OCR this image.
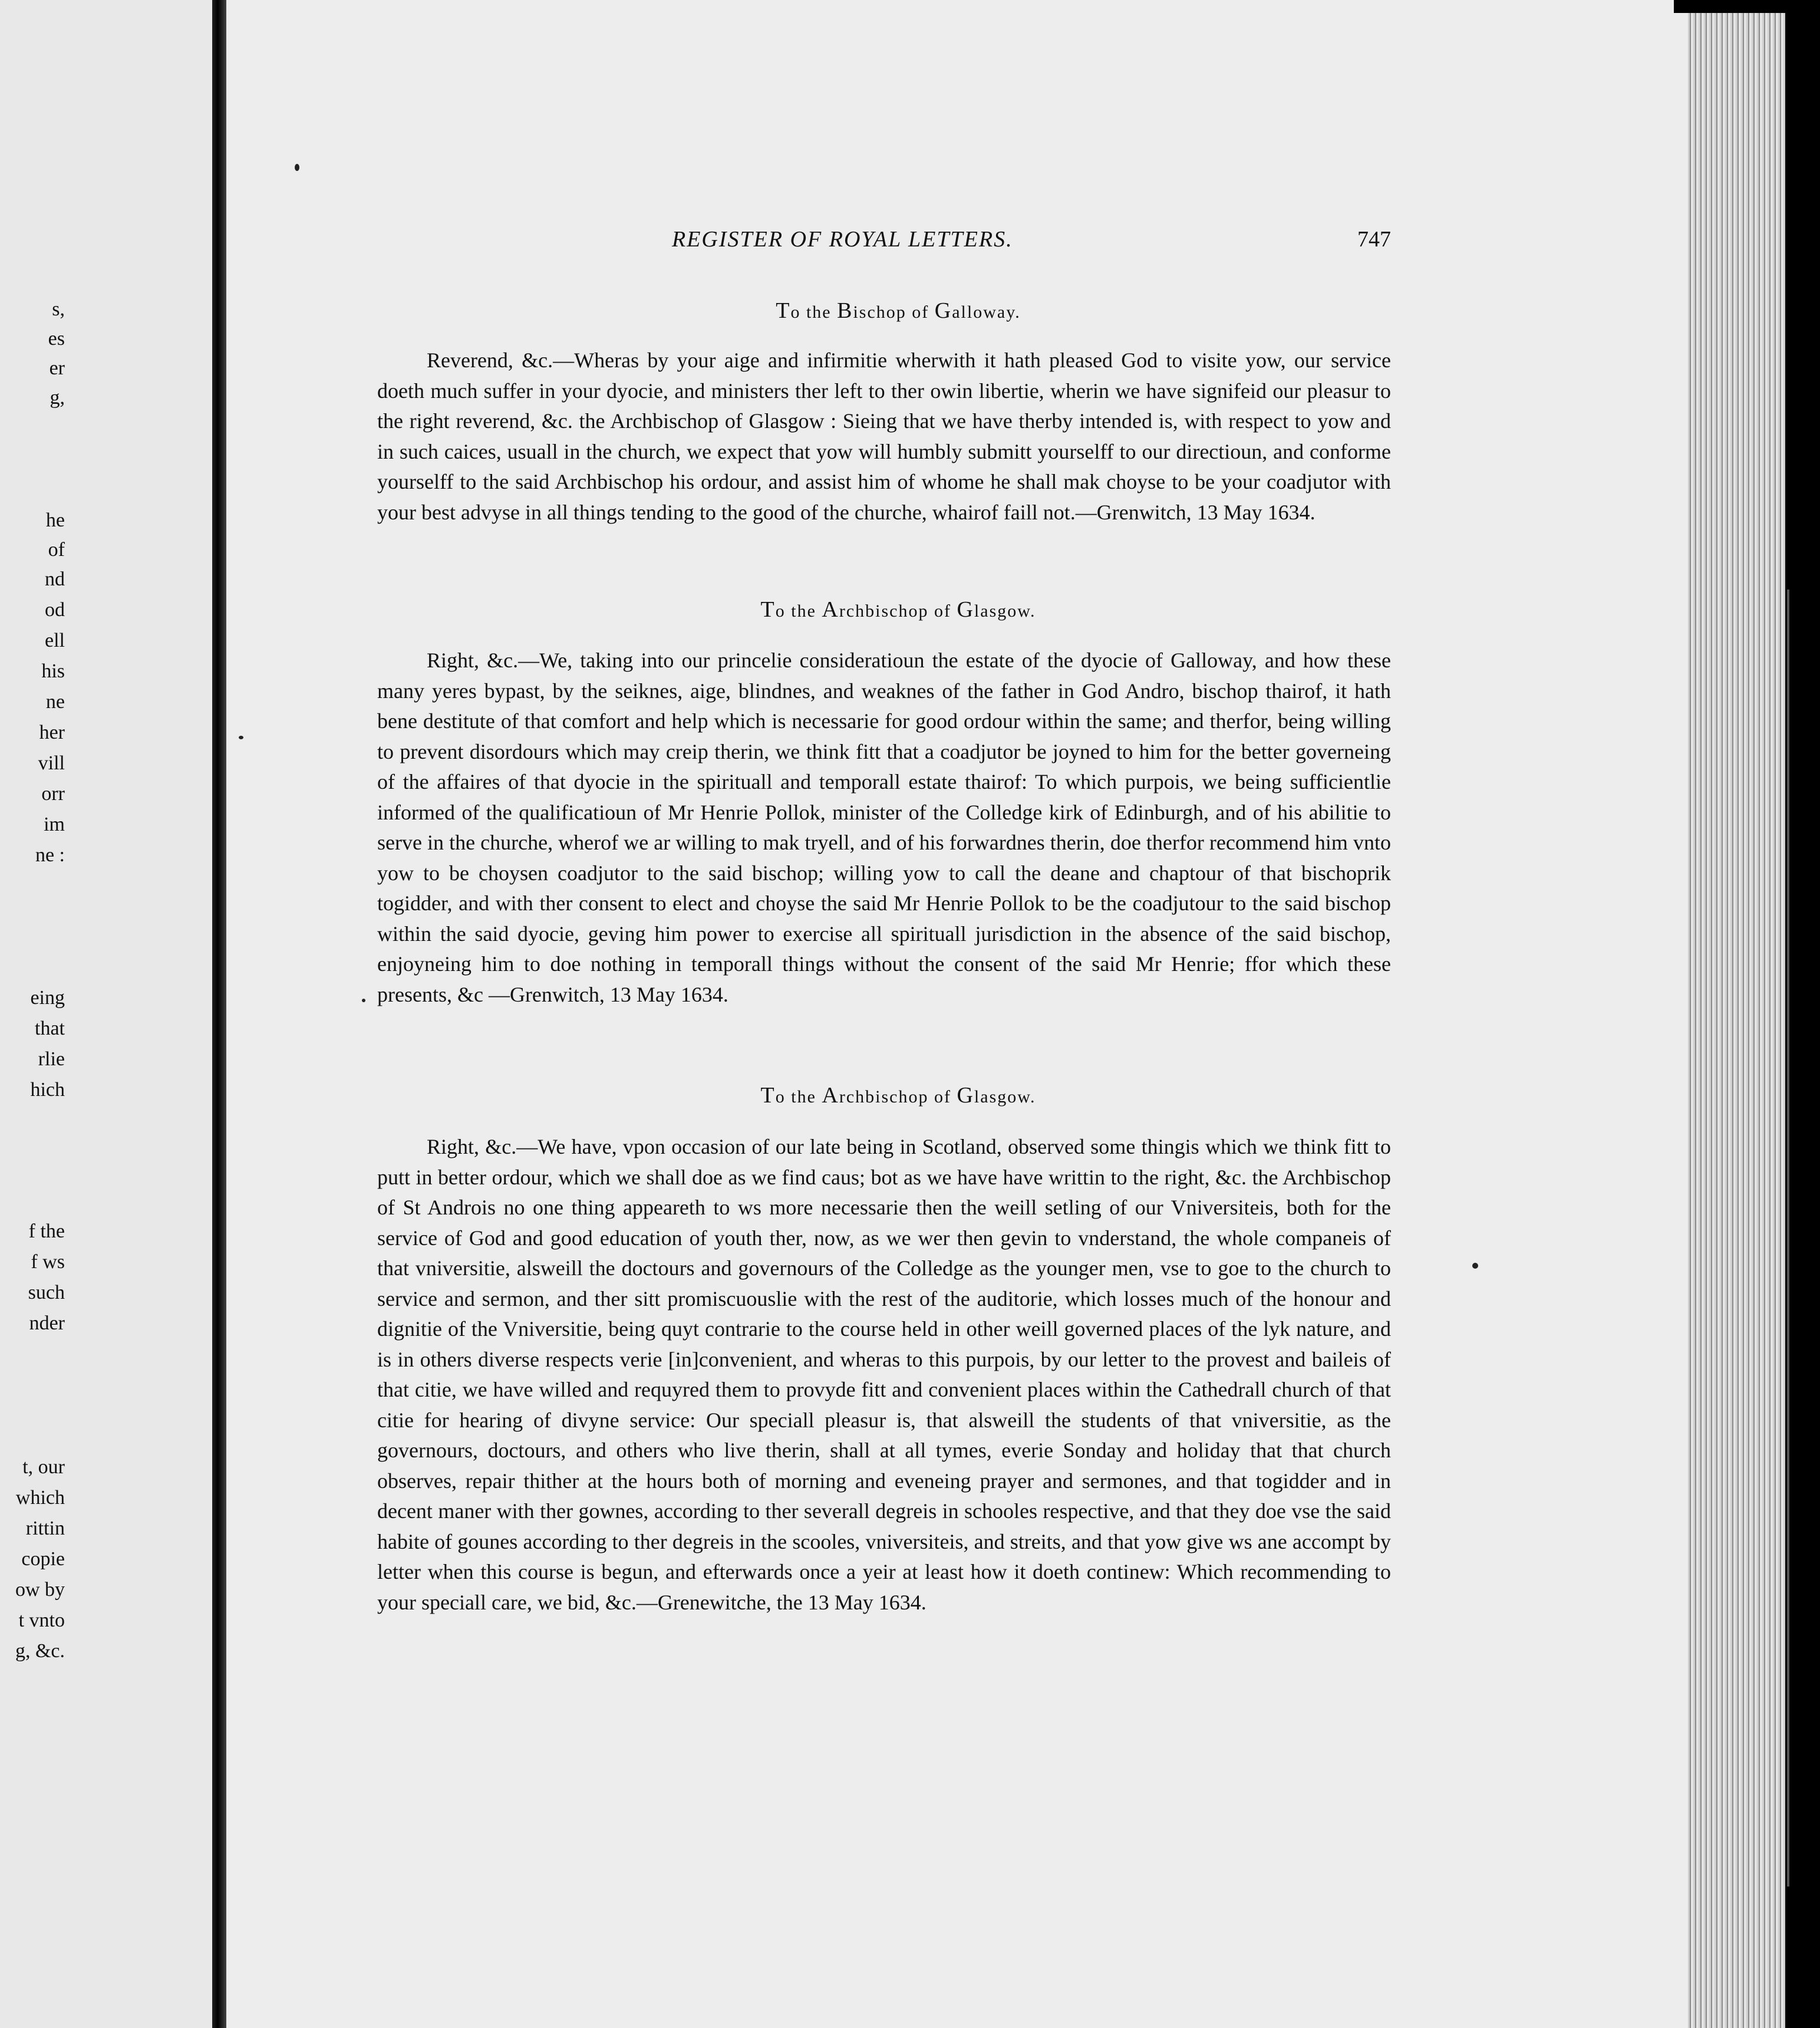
s,
es
er
g,
he
of
nd
od
ell
his
ne
her
vill
orr
im
ne :
eing
that
rlie
hich
f the
f ws
such
nder
t, our
which
rittin
copie
ow by
t vnto
g, &c.
REGISTER OF ROYAL LETTERS.	747
To the Bischop of Galloway.

Reverend, &c.—Wheras by your aige and infirmitie wherwith it hath pleased God to visite yow, our service doeth much suffer in your dyocie, and ministers ther left to ther owin libertie, wherin we have signifeid our pleasur to the right reverend, &c. the Archbischop of Glasgow : Sieing that we have therby intended is, with respect to yow and in such caices, usuall in the church, we expect that yow will humbly submitt yourselff to our directioun, and conforme yourselff to the said Archbischop his ordour, and assist him of whome he shall mak choyse to be your coadjutor with your best advyse in all things tending to the good of the churche, whairof faill not.—Grenwitch, 13 May 1634.

To the Archbischop of Glasgow.

Right, &c.—We, taking into our princelie consideratioun the estate of the dyocie of Galloway, and how these many yeres bypast, by the seiknes, aige, blindnes, and weaknes of the father in God Andro, bischop thairof, it hath bene destitute of that comfort and help which is necessarie for good ordour within the same; and therfor, being willing to prevent disordours which may creip therin, we think fitt that a coadjutor be joyned to him for the better governeing of the affaires of that dyocie in the spirituall and temporall estate thairof: To which purpois, we being sufficientlie informed of the qualificatioun of Mr Henrie Pollok, minister of the Colledge kirk of Edinburgh, and of his abilitie to serve in the churche, wherof we ar willing to mak tryell, and of his forwardnes therin, doe therfor recommend him vnto yow to be choysen coadjutor to the said bischop; willing yow to call the deane and chaptour of that bischoprik togidder, and with ther consent to elect and choyse the said Mr Henrie Pollok to be the coadjutour to the said bischop within the said dyocie, geving him power to exercise all spirituall jurisdiction in the absence of the said bischop, enjoyneing him to doe nothing in temporall things without the consent of the said Mr Henrie; ffor which these presents, &c —Grenwitch, 13 May 1634.

To the Archbischop of Glasgow.

Right, &c.—We have, vpon occasion of our late being in Scotland, observed some thingis which we think fitt to putt in better ordour, which we shall doe as we find caus; bot as we have have writtin to the right, &c. the Archbischop of St Androis no one thing appeareth to ws more necessarie then the weill setling of our Vniversiteis, both for the service of God and good education of youth ther, now, as we wer then gevin to vnderstand, the whole companeis of that vniversitie, alsweill the doctours and governours of the Colledge as the younger men, vse to goe to the church to service and sermon, and ther sitt promiscuouslie with the rest of the auditorie, which losses much of the honour and dignitie of the Vniversitie, being quyt contrarie to the course held in other weill governed places of the lyk nature, and is in others diverse respects verie [in]convenient, and wheras to this purpois, by our letter to the provest and baileis of that citie, we have willed and requyred them to provyde fitt and convenient places within the Cathedrall church of that citie for hearing of divyne service: Our speciall pleasur is, that alsweill the students of that vniversitie, as the governours, doctours, and others who live therin, shall at all tymes, everie Sonday and holiday that that church observes, repair thither at the hours both of morning and eveneing prayer and sermones, and that togidder and in decent maner with ther gownes, according to ther severall degreis in schooles respective, and that they doe vse the said habite of gounes according to ther degreis in the scooles, vniversiteis, and streits, and that yow give ws ane accompt by letter when this course is begun, and efterwards once a yeir at least how it doeth continew: Which recommending to your speciall care, we bid, &c.—Grenewitche, the 13 May 1634.
